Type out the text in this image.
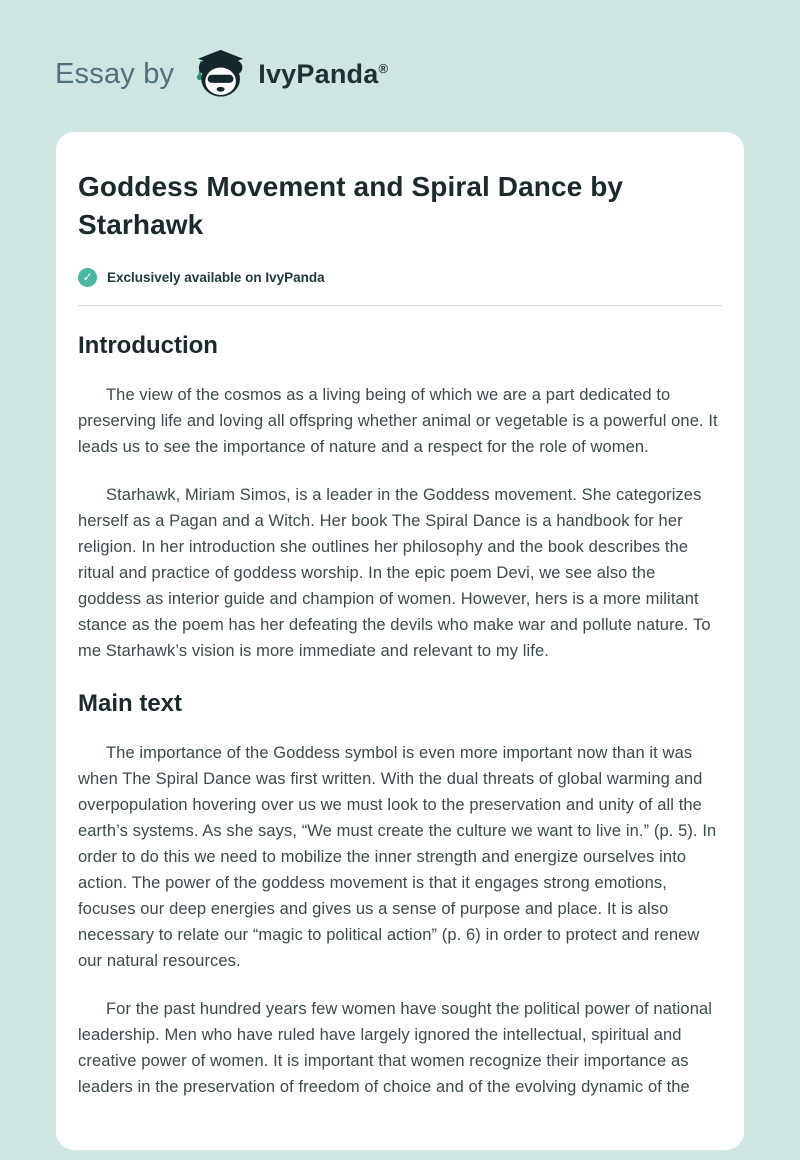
Essay by	IvyPanda®
Goddess Movement and Spiral Dance by Starhawk
✓	Exclusively available on IvyPanda
Introduction

The view of the cosmos as a living being of which we are a part dedicated to preserving life and loving all offspring whether animal or vegetable is a powerful one. It leads us to see the importance of nature and a respect for the role of women.

Starhawk, Miriam Simos, is a leader in the Goddess movement. She categorizes herself as a Pagan and a Witch. Her book The Spiral Dance is a handbook for her religion. In her introduction she outlines her philosophy and the book describes the ritual and practice of goddess worship. In the epic poem Devi, we see also the goddess as interior guide and champion of women. However, hers is a more militant stance as the poem has her defeating the devils who make war and pollute nature. To me Starhawk’s vision is more immediate and relevant to my life.

Main text

The importance of the Goddess symbol is even more important now than it was when The Spiral Dance was first written. With the dual threats of global warming and overpopulation hovering over us we must look to the preservation and unity of all the earth’s systems. As she says, “We must create the culture we want to live in.” (p. 5). In order to do this we need to mobilize the inner strength and energize ourselves into action. The power of the goddess movement is that it engages strong emotions, focuses our deep energies and gives us a sense of purpose and place. It is also necessary to relate our “magic to political action” (p. 6) in order to protect and renew our natural resources.

For the past hundred years few women have sought the political power of national leadership. Men who have ruled have largely ignored the intellectual, spiritual and creative power of women. It is important that women recognize their importance as leaders in the preservation of freedom of choice and of the evolving dynamic of the
